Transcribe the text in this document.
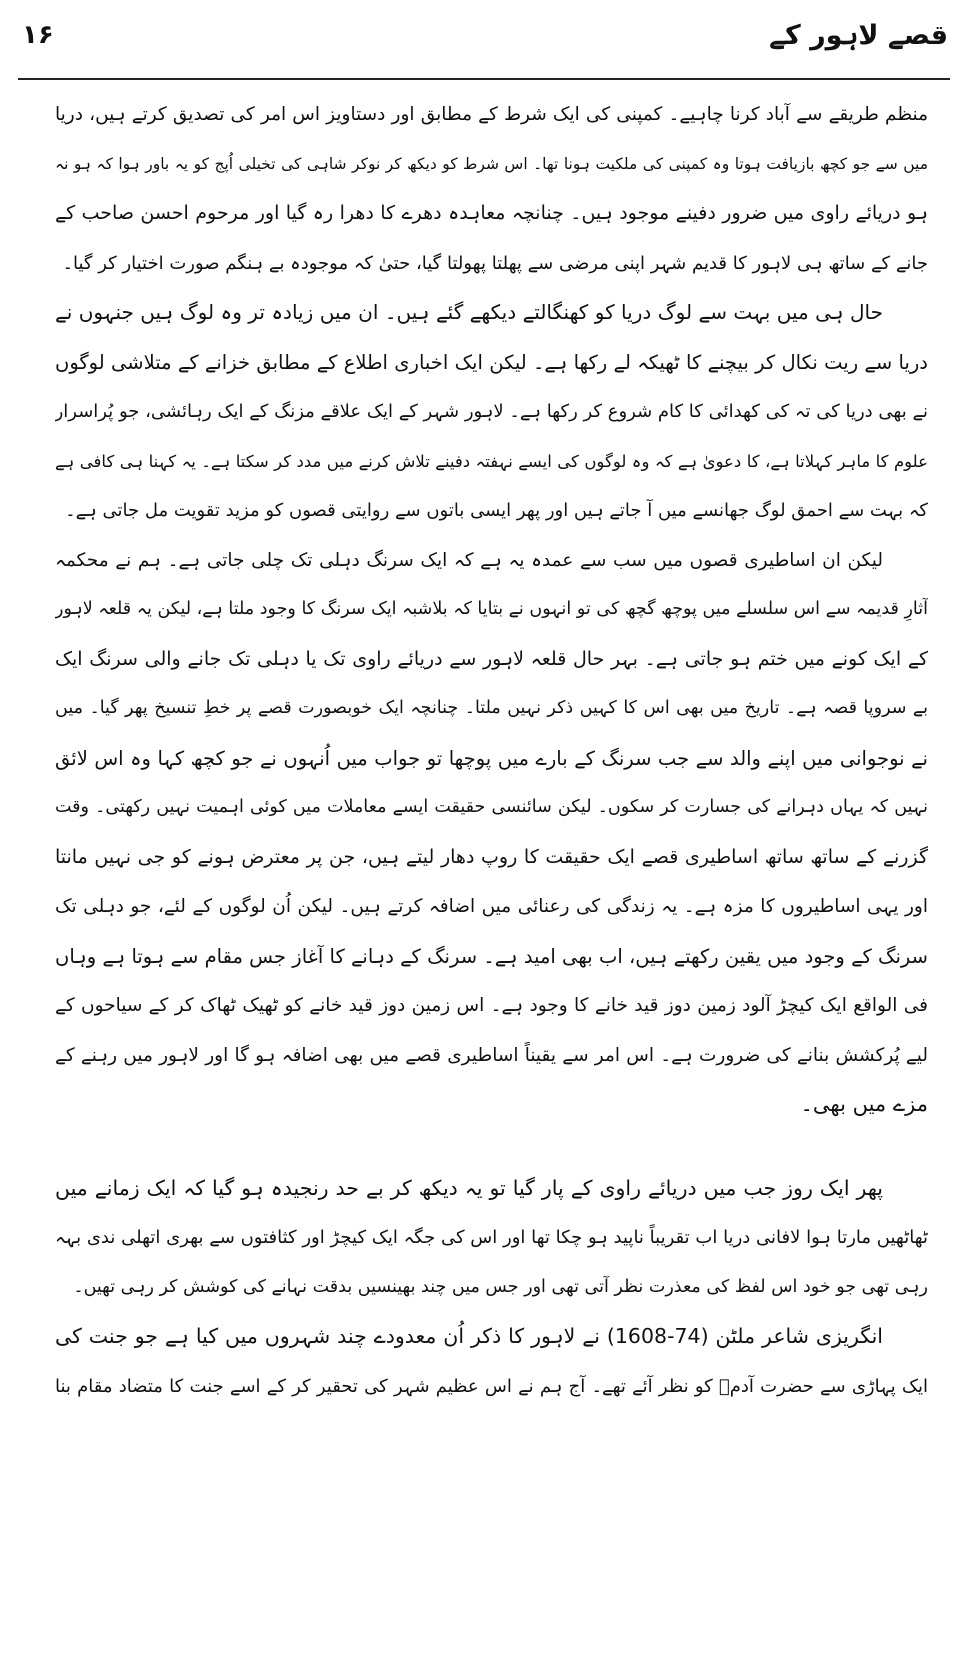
۱۶	قصے لاہور کے
منظم طریقے سے آباد کرنا چاہیے۔ کمپنی کی ایک شرط کے مطابق اور دستاویز اس امر کی تصدیق کرتے ہیں، دریا
میں سے جو کچھ بازیافت ہوتا وہ کمپنی کی ملکیت ہونا تھا۔ اس شرط کو دیکھ کر نوکر شاہی کی تخیلی اُپج کو یہ باور ہوا کہ ہو نہ
ہو دریائے راوی میں ضرور دفینے موجود ہیں۔ چنانچہ معاہدہ دھرے کا دھرا رہ گیا اور مرحوم احسن صاحب کے
جانے کے ساتھ ہی لاہور کا قدیم شہر اپنی مرضی سے پھلتا پھولتا گیا، حتیٰ کہ موجودہ بے ہنگم صورت اختیار کر گیا۔
حال ہی میں بہت سے لوگ دریا کو کھنگالتے دیکھے گئے ہیں۔ ان میں زیادہ تر وہ لوگ ہیں جنہوں نے
دریا سے ریت نکال کر بیچنے کا ٹھیکہ لے رکھا ہے۔ لیکن ایک اخباری اطلاع کے مطابق خزانے کے متلاشی لوگوں
نے بھی دریا کی تہ کی کھدائی کا کام شروع کر رکھا ہے۔ لاہور شہر کے ایک علاقے مزنگ کے ایک رہائشی، جو پُراسرار
علوم کا ماہر کہلاتا ہے، کا دعویٰ ہے کہ وہ لوگوں کی ایسے نہفتہ دفینے تلاش کرنے میں مدد کر سکتا ہے۔ یہ کہنا ہی کافی ہے
کہ بہت سے احمق لوگ جھانسے میں آ جاتے ہیں اور پھر ایسی باتوں سے روایتی قصوں کو مزید تقویت مل جاتی ہے۔
لیکن ان اساطیری قصوں میں سب سے عمدہ یہ ہے کہ ایک سرنگ دہلی تک چلی جاتی ہے۔ ہم نے محکمہ
آثارِ قدیمہ سے اس سلسلے میں پوچھ گچھ کی تو انہوں نے بتایا کہ بلاشبہ ایک سرنگ کا وجود ملتا ہے، لیکن یہ قلعہ لاہور
کے ایک کونے میں ختم ہو جاتی ہے۔ بہر حال قلعہ لاہور سے دریائے راوی تک یا دہلی تک جانے والی سرنگ ایک
بے سروپا قصہ ہے۔ تاریخ میں بھی اس کا کہیں ذکر نہیں ملتا۔ چنانچہ ایک خوبصورت قصے پر خطِ تنسیخ پھر گیا۔ میں
نے نوجوانی میں اپنے والد سے جب سرنگ کے بارے میں پوچھا تو جواب میں اُنہوں نے جو کچھ کہا وہ اس لائق
نہیں کہ یہاں دہرانے کی جسارت کر سکوں۔ لیکن سائنسی حقیقت ایسے معاملات میں کوئی اہمیت نہیں رکھتی۔ وقت
گزرنے کے ساتھ ساتھ اساطیری قصے ایک حقیقت کا روپ دھار لیتے ہیں، جن پر معترض ہونے کو جی نہیں مانتا
اور یہی اساطیروں کا مزہ ہے۔ یہ زندگی کی رعنائی میں اضافہ کرتے ہیں۔ لیکن اُن لوگوں کے لئے، جو دہلی تک
سرنگ کے وجود میں یقین رکھتے ہیں، اب بھی امید ہے۔ سرنگ کے دہانے کا آغاز جس مقام سے ہوتا ہے وہاں
فی الواقع ایک کیچڑ آلود زمین دوز قید خانے کا وجود ہے۔ اس زمین دوز قید خانے کو ٹھیک ٹھاک کر کے سیاحوں کے
لیے پُرکشش بنانے کی ضرورت ہے۔ اس امر سے یقیناً اساطیری قصے میں بھی اضافہ ہو گا اور لاہور میں رہنے کے
مزے میں بھی۔
پھر ایک روز جب میں دریائے راوی کے پار گیا تو یہ دیکھ کر بے حد رنجیدہ ہو گیا کہ ایک زمانے میں
ٹھاٹھیں مارتا ہوا لافانی دریا اب تقریباً ناپید ہو چکا تھا اور اس کی جگہ ایک کیچڑ اور کثافتوں سے بھری اتھلی ندی بہہ
رہی تھی جو خود اس لفظ کی معذرت نظر آتی تھی اور جس میں چند بھینسیں بدقت نہانے کی کوشش کر رہی تھیں۔
انگریزی شاعر ملٹن (74-1608) نے لاہور کا ذکر اُن معدودے چند شہروں میں کیا ہے جو جنت کی
ایک پہاڑی سے حضرت آدمؑ کو نظر آئے تھے۔ آج ہم نے اس عظیم شہر کی تحقیر کر کے اسے جنت کا متضاد مقام بنا
